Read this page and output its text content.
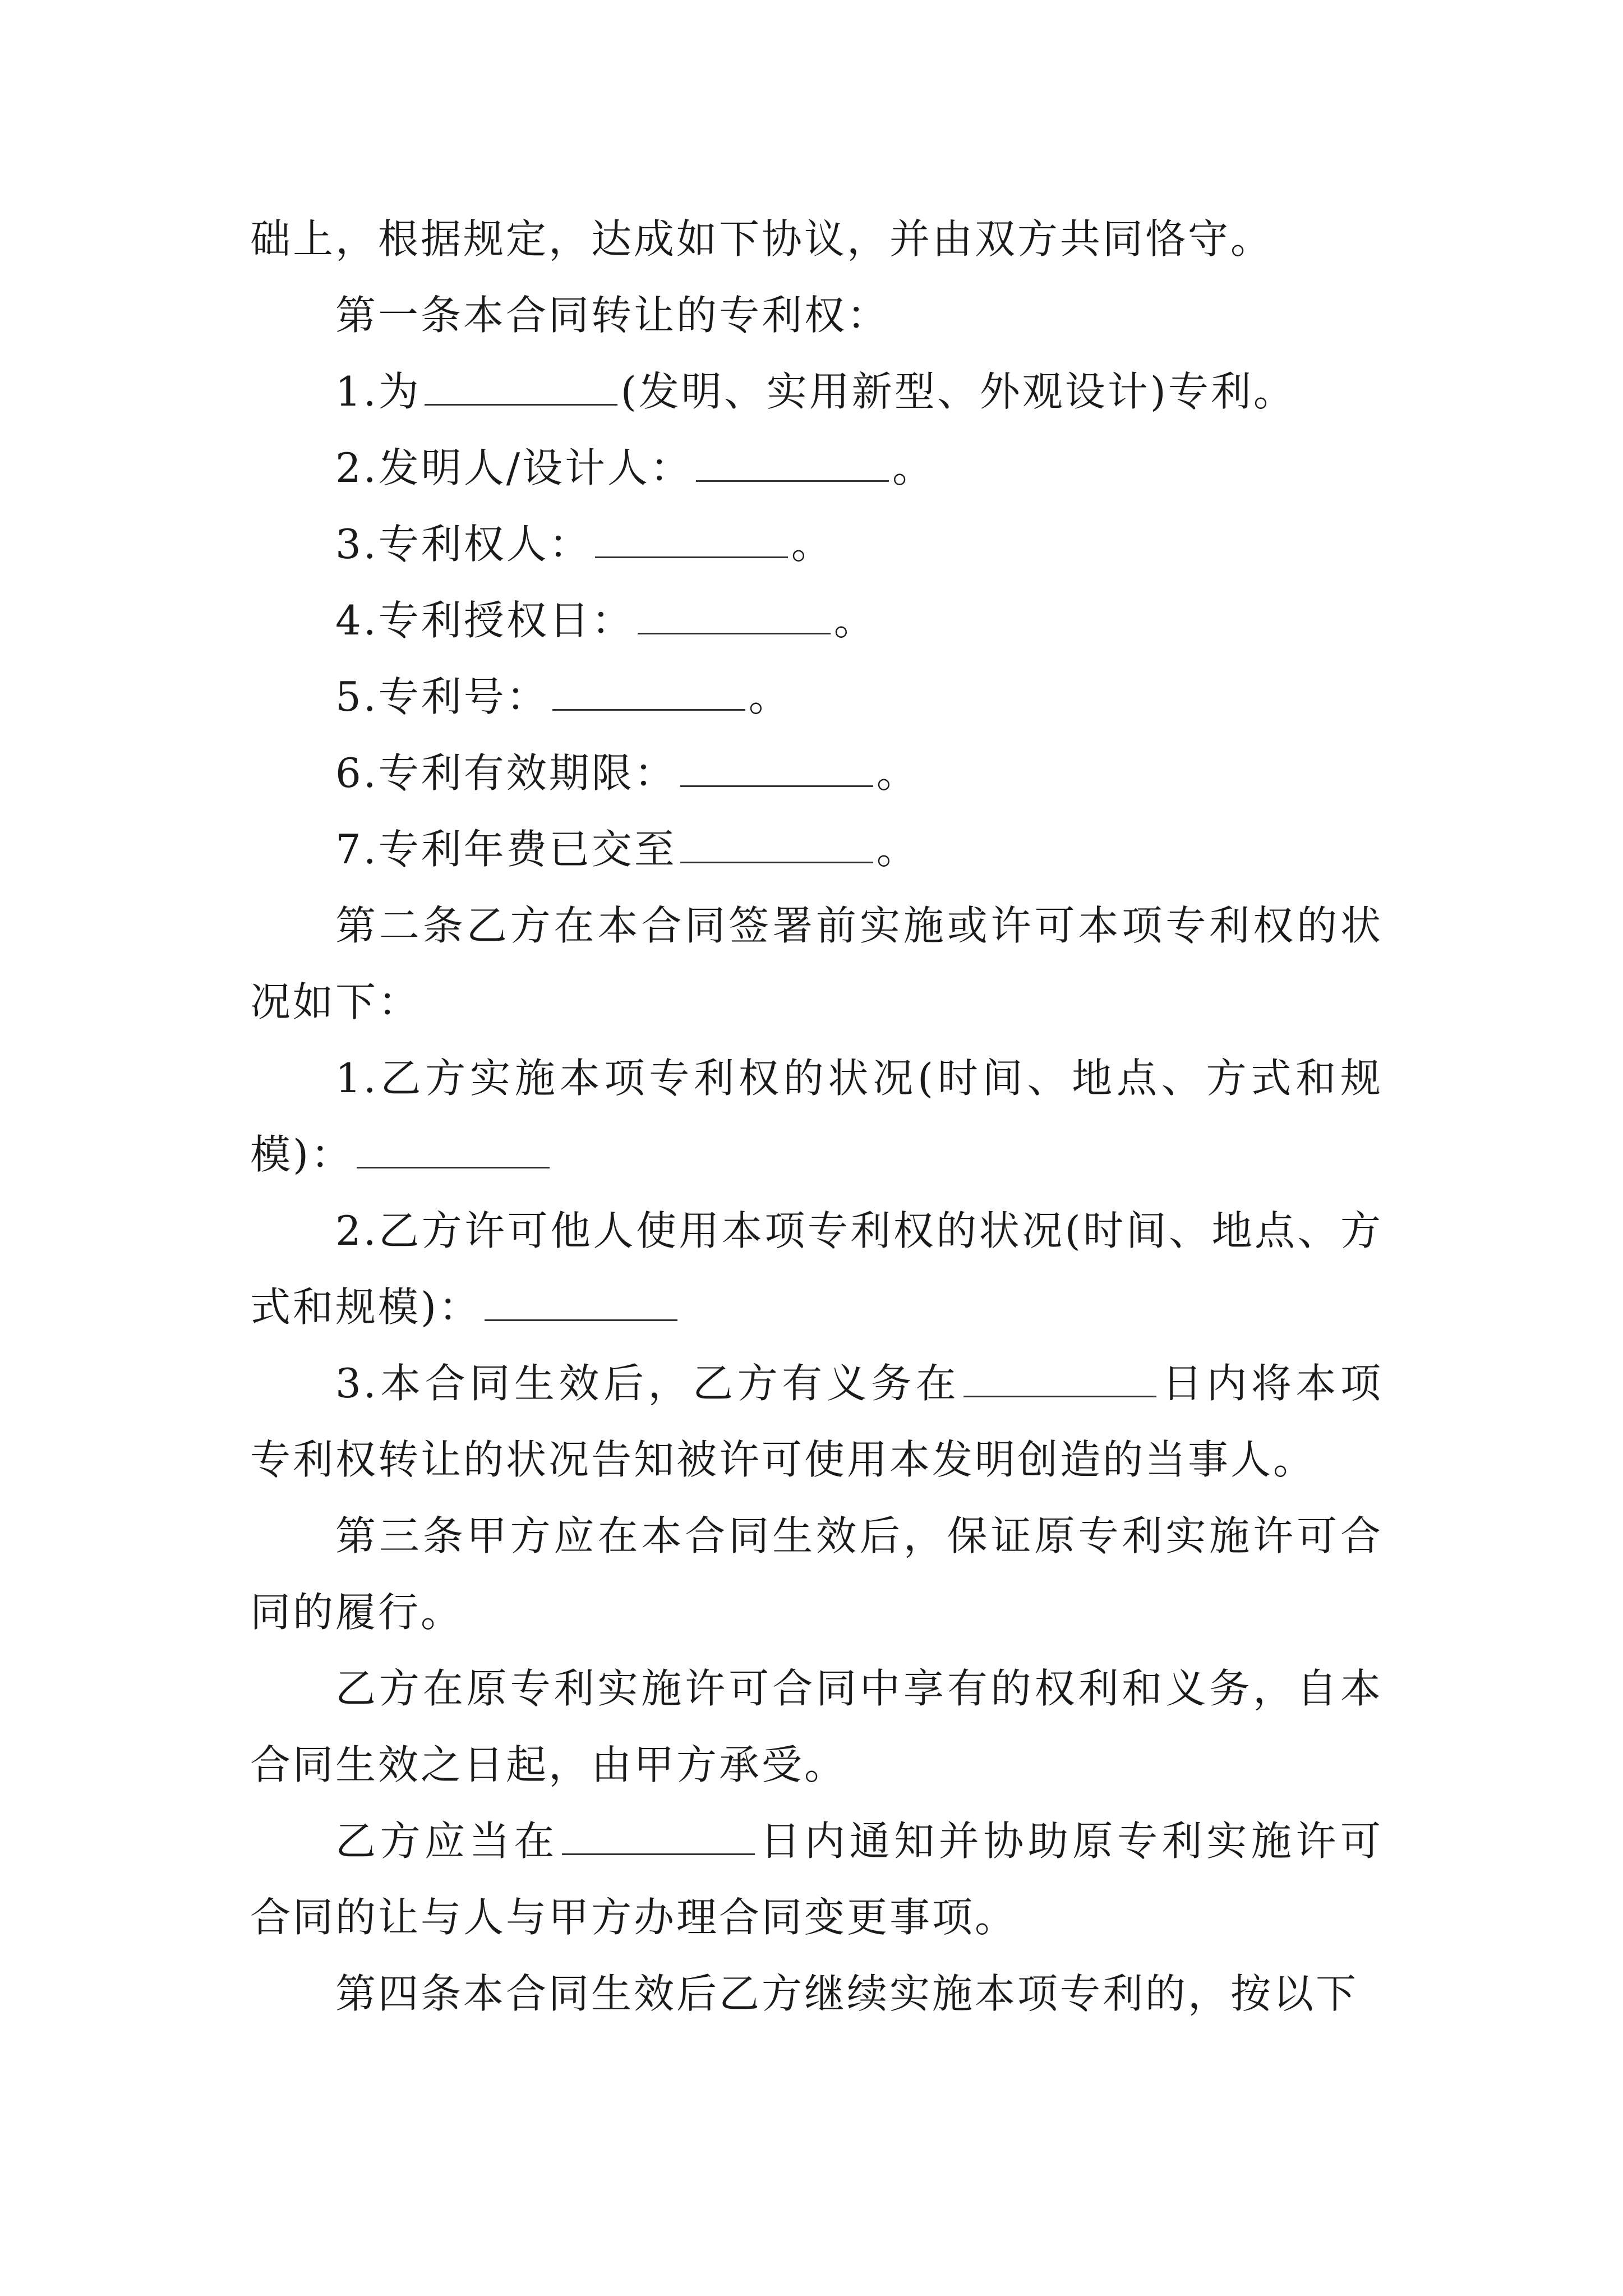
础上，根据规定，达成如下协议，并由双方共同恪守。

第一条本合同转让的专利权：

1.为	(发明、实用新型、外观设计)专利。

2.发明人/设计人：	。

3.专利权人：	。

4.专利授权日：	。

5.专利号：	。

6.专利有效期限：	。

7.专利年费已交至	。

第二条乙方在本合同签署前实施或许可本项专利权的状况如下：

1.乙方实施本项专利权的状况(时间、地点、方式和规模)：

2.乙方许可他人使用本项专利权的状况(时间、地点、方式和规模)：

3.本合同生效后，乙方有义务在	日内将本项专利权转让的状况告知被许可使用本发明创造的当事人。

第三条甲方应在本合同生效后，保证原专利实施许可合同的履行。

乙方在原专利实施许可合同中享有的权利和义务，自本合同生效之日起，由甲方承受。

乙方应当在	日内通知并协助原专利实施许可合同的让与人与甲方办理合同变更事项。

第四条本合同生效后乙方继续实施本项专利的，按以下
